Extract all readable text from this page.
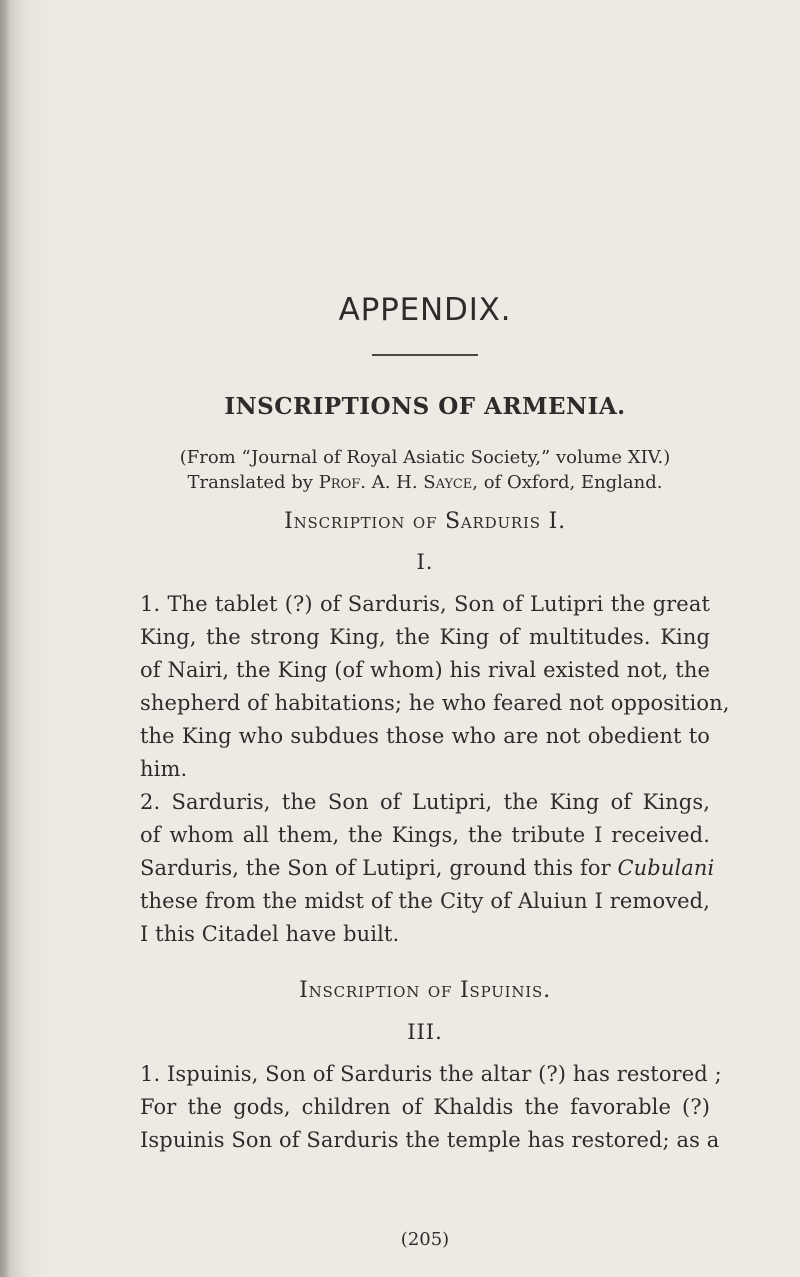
APPENDIX.
INSCRIPTIONS OF ARMENIA.
(From “Journal of Royal Asiatic Society,” volume XIV.)
Translated by Prof. A. H. Sayce, of Oxford, England.
Inscription of Sarduris I.
I.
1. The tablet (?) of Sarduris, Son of Lutipri the great
King, the strong King, the King of multitudes. King
of Nairi, the King (of whom) his rival existed not, the
shepherd of habitations; he who feared not opposition,
the King who subdues those who are not obedient to
him.
2. Sarduris, the Son of Lutipri, the King of Kings,
of whom all them, the Kings, the tribute I received.
Sarduris, the Son of Lutipri, ground this for Cubulani
these from the midst of the City of Aluiun I removed,
I this Citadel have built.
Inscription of Ispuinis.
III.
1. Ispuinis, Son of Sarduris the altar (?) has restored ;
For the gods, children of Khaldis the favorable (?)
Ispuinis Son of Sarduris the temple has restored; as a
(205)
